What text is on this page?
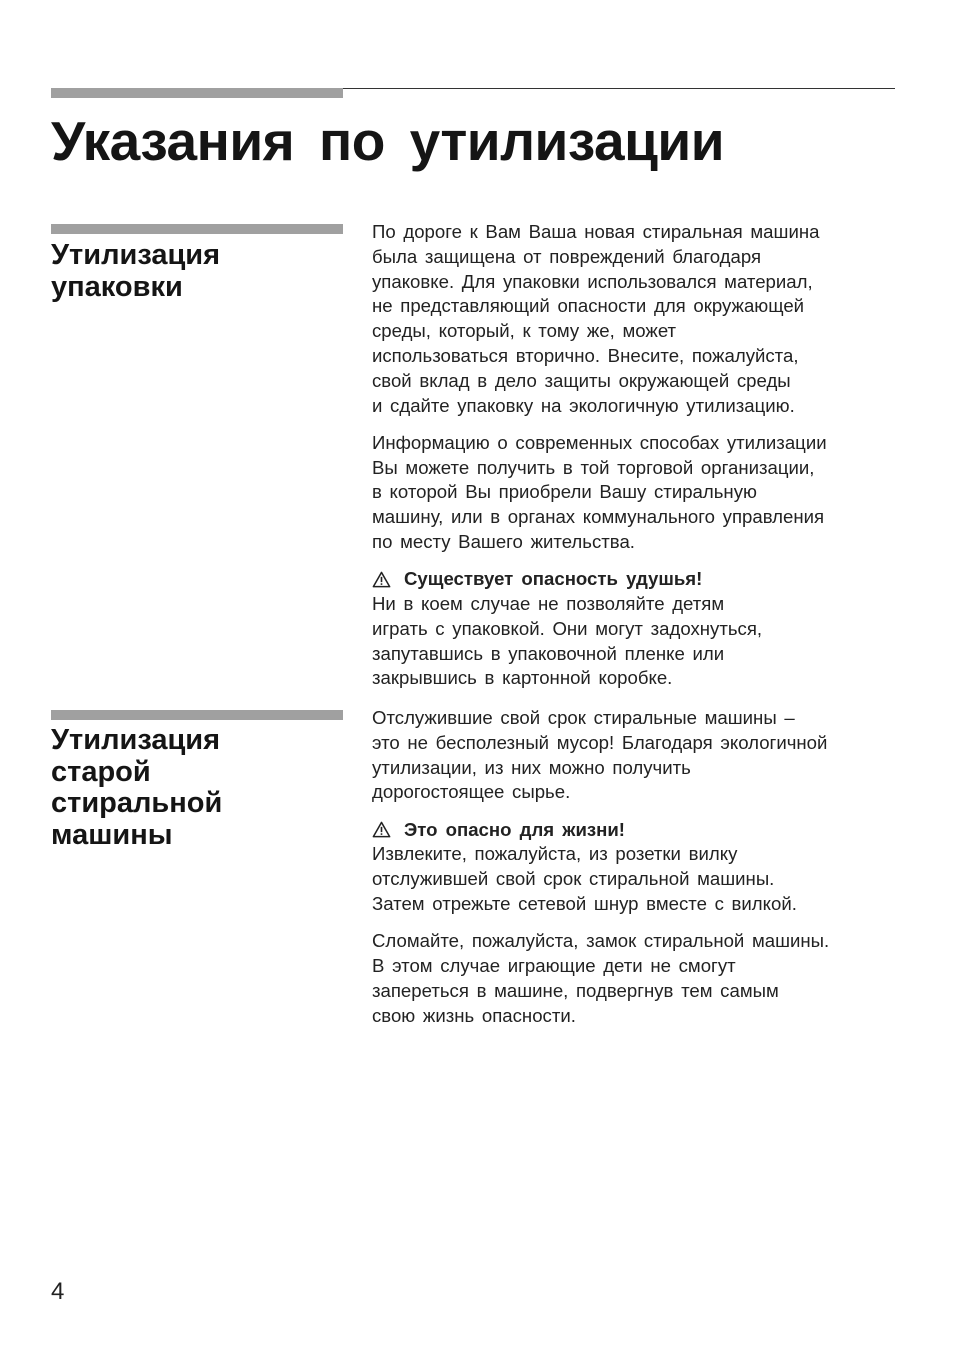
Указания по утилизации
Утилизация
упаковки

По дороге к Вам Ваша новая стиральная машина
была защищена от повреждений благодаря
упаковке. Для упаковки использовался материал,
не представляющий опасности для окружающей
среды, который, к тому же, может
использоваться вторично. Внесите, пожалуйста,
свой вклад в дело защиты окружающей среды
и сдайте упаковку на экологичную утилизацию.

Информацию о современных способах утилизации
Вы можете получить в той торговой организации,
в которой Вы приобрели Вашу стиральную
машину, или в органах коммунального управления
по месту Вашего жительства.

Существует опасность удушья!

Ни в коем случае не позволяйте детям
играть с упаковкой. Они могут задохнуться,
запутавшись в упаковочной пленке или
закрывшись в картонной коробке.

Утилизация
старой
стиральной
машины

Отслужившие свой срок стиральные машины –
это не бесполезный мусор! Благодаря экологичной
утилизации, из них можно получить
дорогостоящее сырье.

Это опасно для жизни!

Извлеките, пожалуйста, из розетки вилку
отслужившей свой срок стиральной машины.
Затем отрежьте сетевой шнур вместе с вилкой.

Сломайте, пожалуйста, замок стиральной машины.
В этом случае играющие дети не смогут
запереться в машине, подвергнув тем самым
свою жизнь опасности.

4
